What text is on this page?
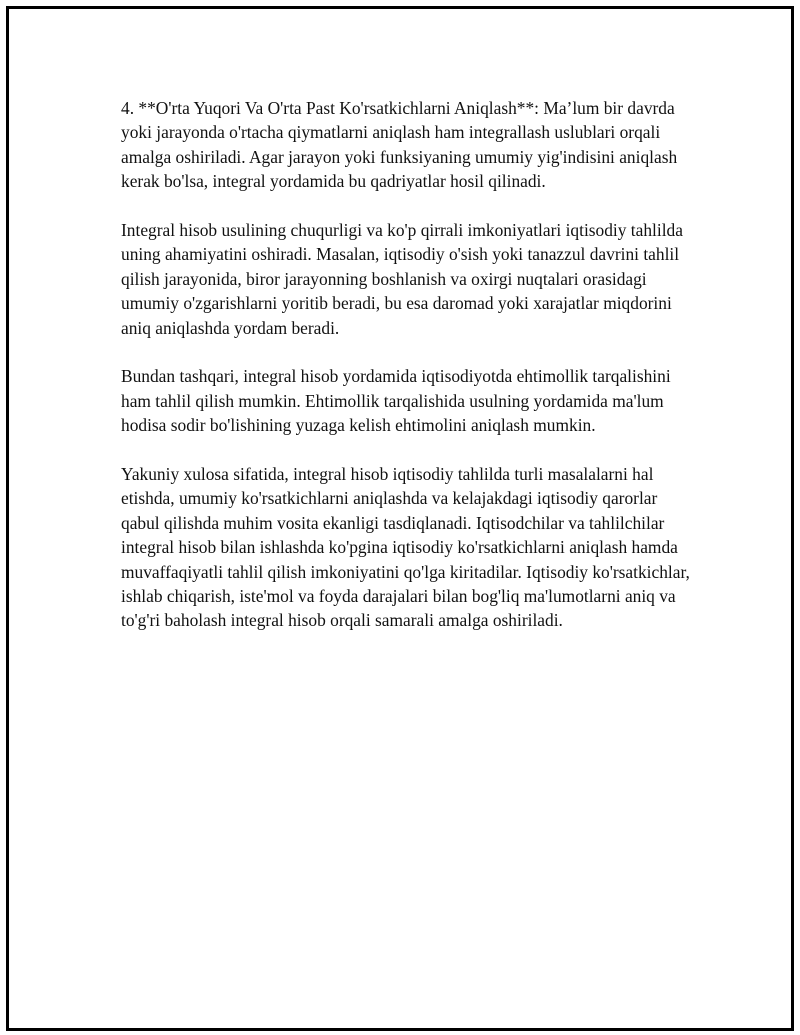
4. **O'rta Yuqori Va O'rta Past Ko'rsatkichlarni Aniqlash**: Ma’lum bir davrda yoki jarayonda o'rtacha qiymatlarni aniqlash ham integrallash uslublari orqali amalga oshiriladi. Agar jarayon yoki funksiyaning umumiy yig'indisini aniqlash kerak bo'lsa, integral yordamida bu qadriyatlar hosil qilinadi.

Integral hisob usulining chuqurligi va ko'p qirrali imkoniyatlari iqtisodiy tahlilda uning ahamiyatini oshiradi. Masalan, iqtisodiy o'sish yoki tanazzul davrini tahlil qilish jarayonida, biror jarayonning boshlanish va oxirgi nuqtalari orasidagi umumiy o'zgarishlarni yoritib beradi, bu esa daromad yoki xarajatlar miqdorini aniq aniqlashda yordam beradi.

Bundan tashqari, integral hisob yordamida iqtisodiyotda ehtimollik tarqalishini ham tahlil qilish mumkin. Ehtimollik tarqalishida usulning yordamida ma'lum hodisa sodir bo'lishining yuzaga kelish ehtimolini aniqlash mumkin.

Yakuniy xulosa sifatida, integral hisob iqtisodiy tahlilda turli masalalarni hal etishda, umumiy ko'rsatkichlarni aniqlashda va kelajakdagi iqtisodiy qarorlar qabul qilishda muhim vosita ekanligi tasdiqlanadi. Iqtisodchilar va tahlilchilar integral hisob bilan ishlashda ko'pgina iqtisodiy ko'rsatkichlarni aniqlash hamda muvaffaqiyatli tahlil qilish imkoniyatini qo'lga kiritadilar. Iqtisodiy ko'rsatkichlar, ishlab chiqarish, iste'mol va foyda darajalari bilan bog'liq ma'lumotlarni aniq va to'g'ri baholash integral hisob orqali samarali amalga oshiriladi.
